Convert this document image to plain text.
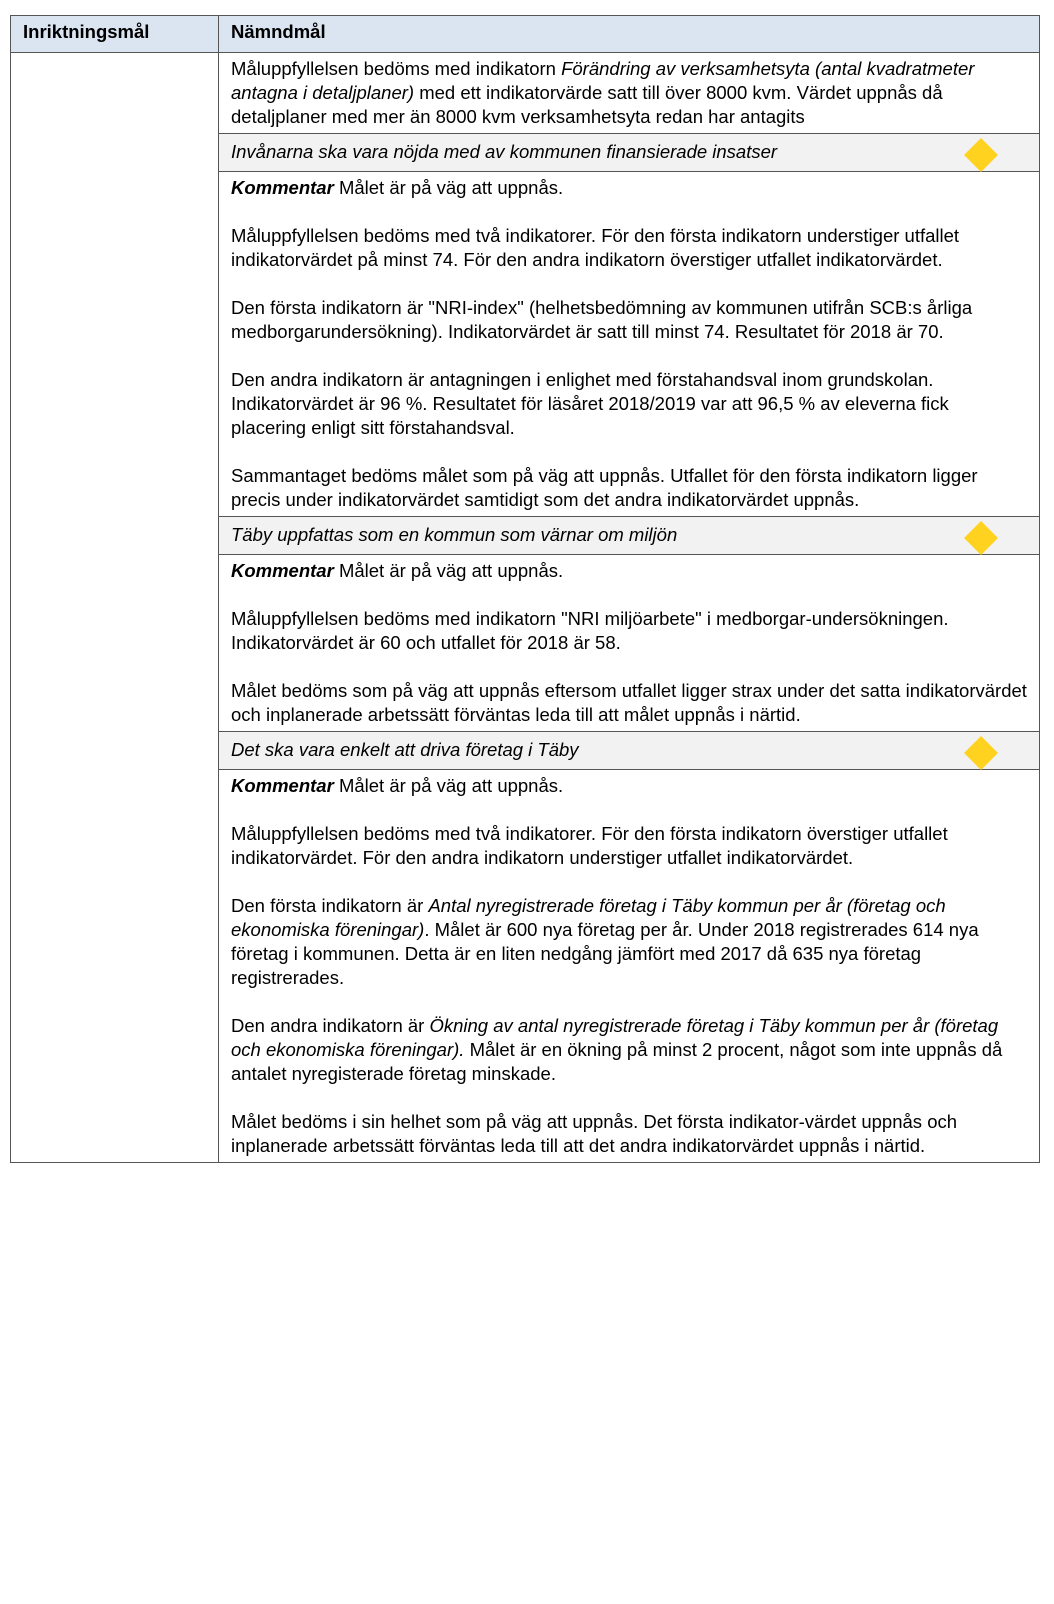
Inriktningsmål	Nämndmål

	Måluppfyllelsen bedöms med indikatorn Förändring av verksamhetsyta (antal kvadratmeter antagna i detaljplaner) med ett indikatorvärde satt till över 8000 kvm. Värdet uppnås då detaljplaner med mer än 8000 kvm verksamhetsyta redan har antagits

	Invånarna ska vara nöjda med av kommunen finansierade insatser

	Kommentar Målet är på väg att uppnås.

Måluppfyllelsen bedöms med två indikatorer. För den första indikatorn understiger utfallet indikatorvärdet på minst 74. För den andra indikatorn överstiger utfallet indikatorvärdet.

Den första indikatorn är "NRI-index" (helhetsbedömning av kommunen utifrån SCB:s årliga medborgarundersökning). Indikatorvärdet är satt till minst 74. Resultatet för 2018 är 70.

Den andra indikatorn är antagningen i enlighet med förstahandsval inom grundskolan. Indikatorvärdet är 96 %. Resultatet för läsåret 2018/2019 var att 96,5 % av eleverna fick placering enligt sitt förstahandsval.

Sammantaget bedöms målet som på väg att uppnås. Utfallet för den första indikatorn ligger precis under indikatorvärdet samtidigt som det andra indikatorvärdet uppnås.

	Täby uppfattas som en kommun som värnar om miljön

	Kommentar Målet är på väg att uppnås.

Måluppfyllelsen bedöms med indikatorn "NRI miljöarbete" i medborgar-undersökningen. Indikatorvärdet är 60 och utfallet för 2018 är 58.

Målet bedöms som på väg att uppnås eftersom utfallet ligger strax under det satta indikatorvärdet och inplanerade arbetssätt förväntas leda till att målet uppnås i närtid.

	Det ska vara enkelt att driva företag i Täby

	Kommentar Målet är på väg att uppnås.

Måluppfyllelsen bedöms med två indikatorer. För den första indikatorn överstiger utfallet indikatorvärdet. För den andra indikatorn understiger utfallet indikatorvärdet.

Den första indikatorn är Antal nyregistrerade företag i Täby kommun per år (företag och ekonomiska föreningar). Målet är 600 nya företag per år. Under 2018 registrerades 614 nya företag i kommunen. Detta är en liten nedgång jämfört med 2017 då 635 nya företag registrerades.

Den andra indikatorn är Ökning av antal nyregistrerade företag i Täby kommun per år (företag och ekonomiska föreningar). Målet är en ökning på minst 2 procent, något som inte uppnås då antalet nyregisterade företag minskade.

Målet bedöms i sin helhet som på väg att uppnås. Det första indikator-värdet uppnås och inplanerade arbetssätt förväntas leda till att det andra indikatorvärdet uppnås i närtid.
